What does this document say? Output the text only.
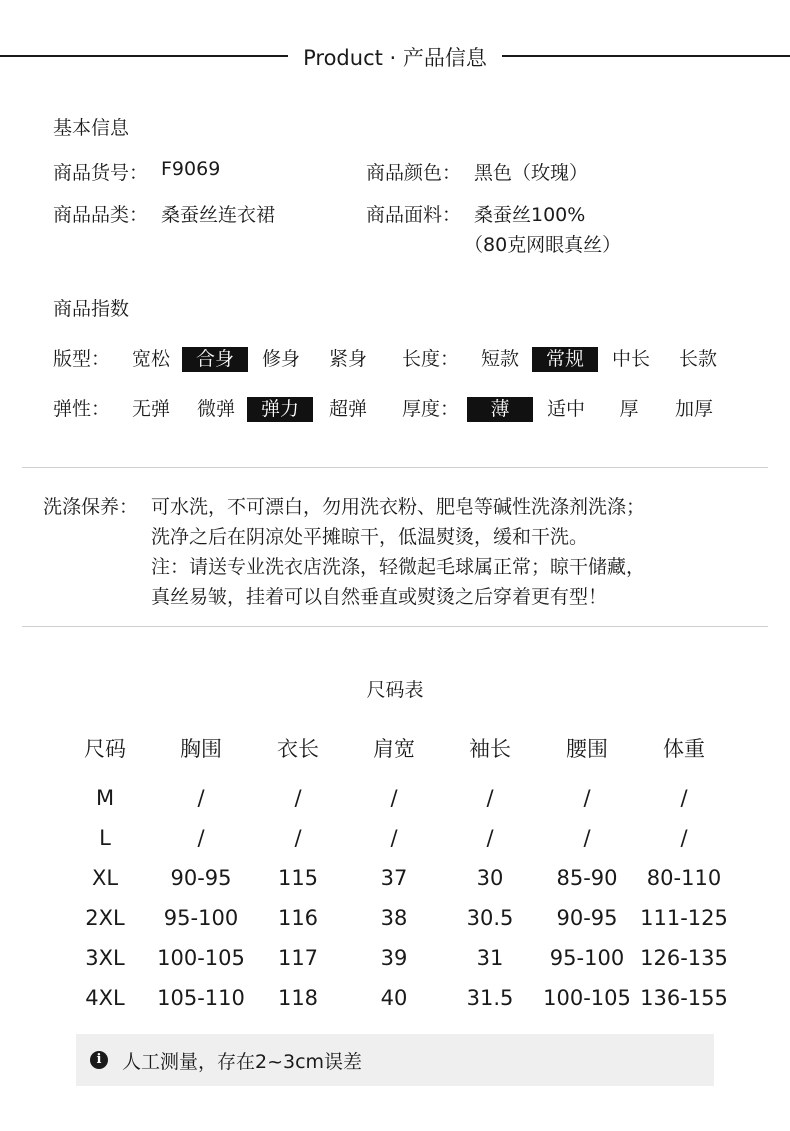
Product · 产品信息
基本信息
商品货号： F9069	商品颜色： 黑色（玫瑰）
商品品类： 桑蚕丝连衣裙	商品面料： 桑蚕丝100%
（80克网眼真丝）
商品指数
版型：	宽松	合身	修身	紧身	长度：	短款	常规	中长	长款
弹性：	无弹	微弹	弹力	超弹	厚度：	薄	适中	厚	加厚
洗涤保养： 可水洗，不可漂白，勿用洗衣粉、肥皂等碱性洗涤剂洗涤；
洗净之后在阴凉处平摊晾干，低温熨烫，缓和干洗。
注：请送专业洗衣店洗涤，轻微起毛球属正常；晾干储藏，
真丝易皱，挂着可以自然垂直或熨烫之后穿着更有型！
尺码表
尺码	胸围	衣长	肩宽	袖长	腰围	体重
M	/	/	/	/	/	/
L	/	/	/	/	/	/
XL	90-95	115	37	30	85-90	80-110
2XL	95-100	116	38	30.5	90-95	111-125
3XL	100-105	117	39	31	95-100 126-135
4XL	105-110	118	40	31.5	100-105 136-155
i	人工测量，存在2~3cm误差
